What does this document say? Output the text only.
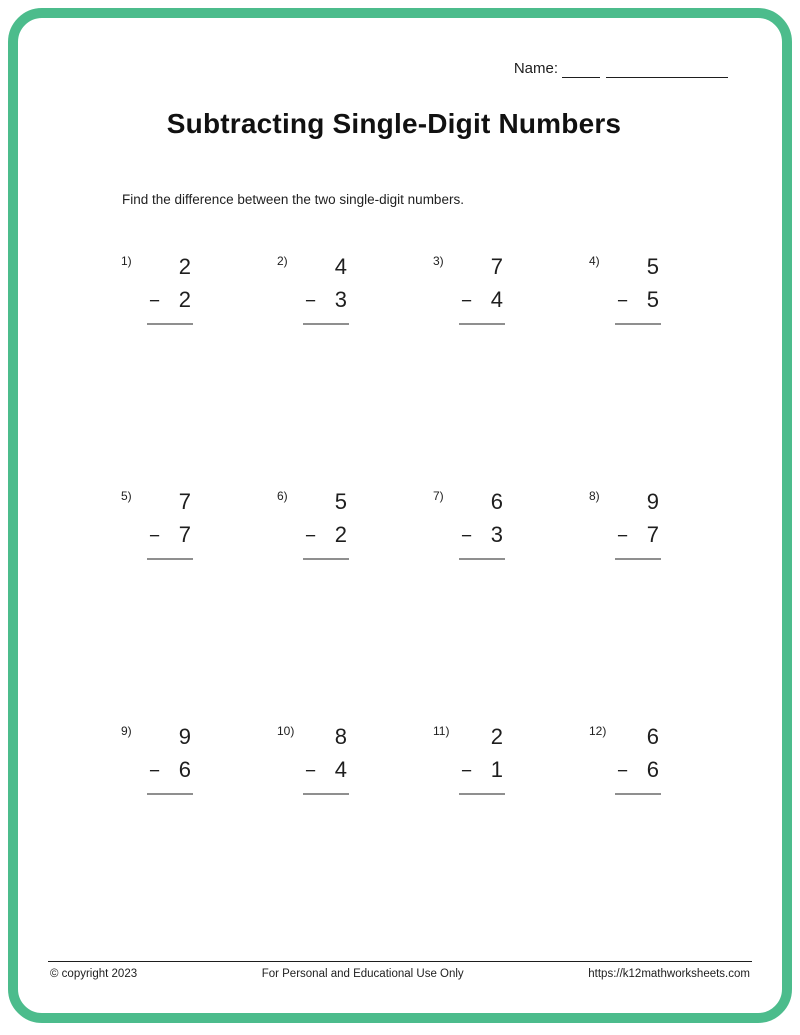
Name:
Subtracting Single-Digit Numbers
Find the difference between the two single-digit numbers.
1)	2
− 2
2)	4
− 3
3)	7
− 4
4)	5
− 5
5)	7
− 7
6)	5
− 2
7)	6
− 3
8)	9
− 7
9)	9
− 6
10)	8
− 4
11)	2
− 1
12)	6
− 6
© copyright 2023	For Personal and Educational Use Only	https://k12mathworksheets.com
